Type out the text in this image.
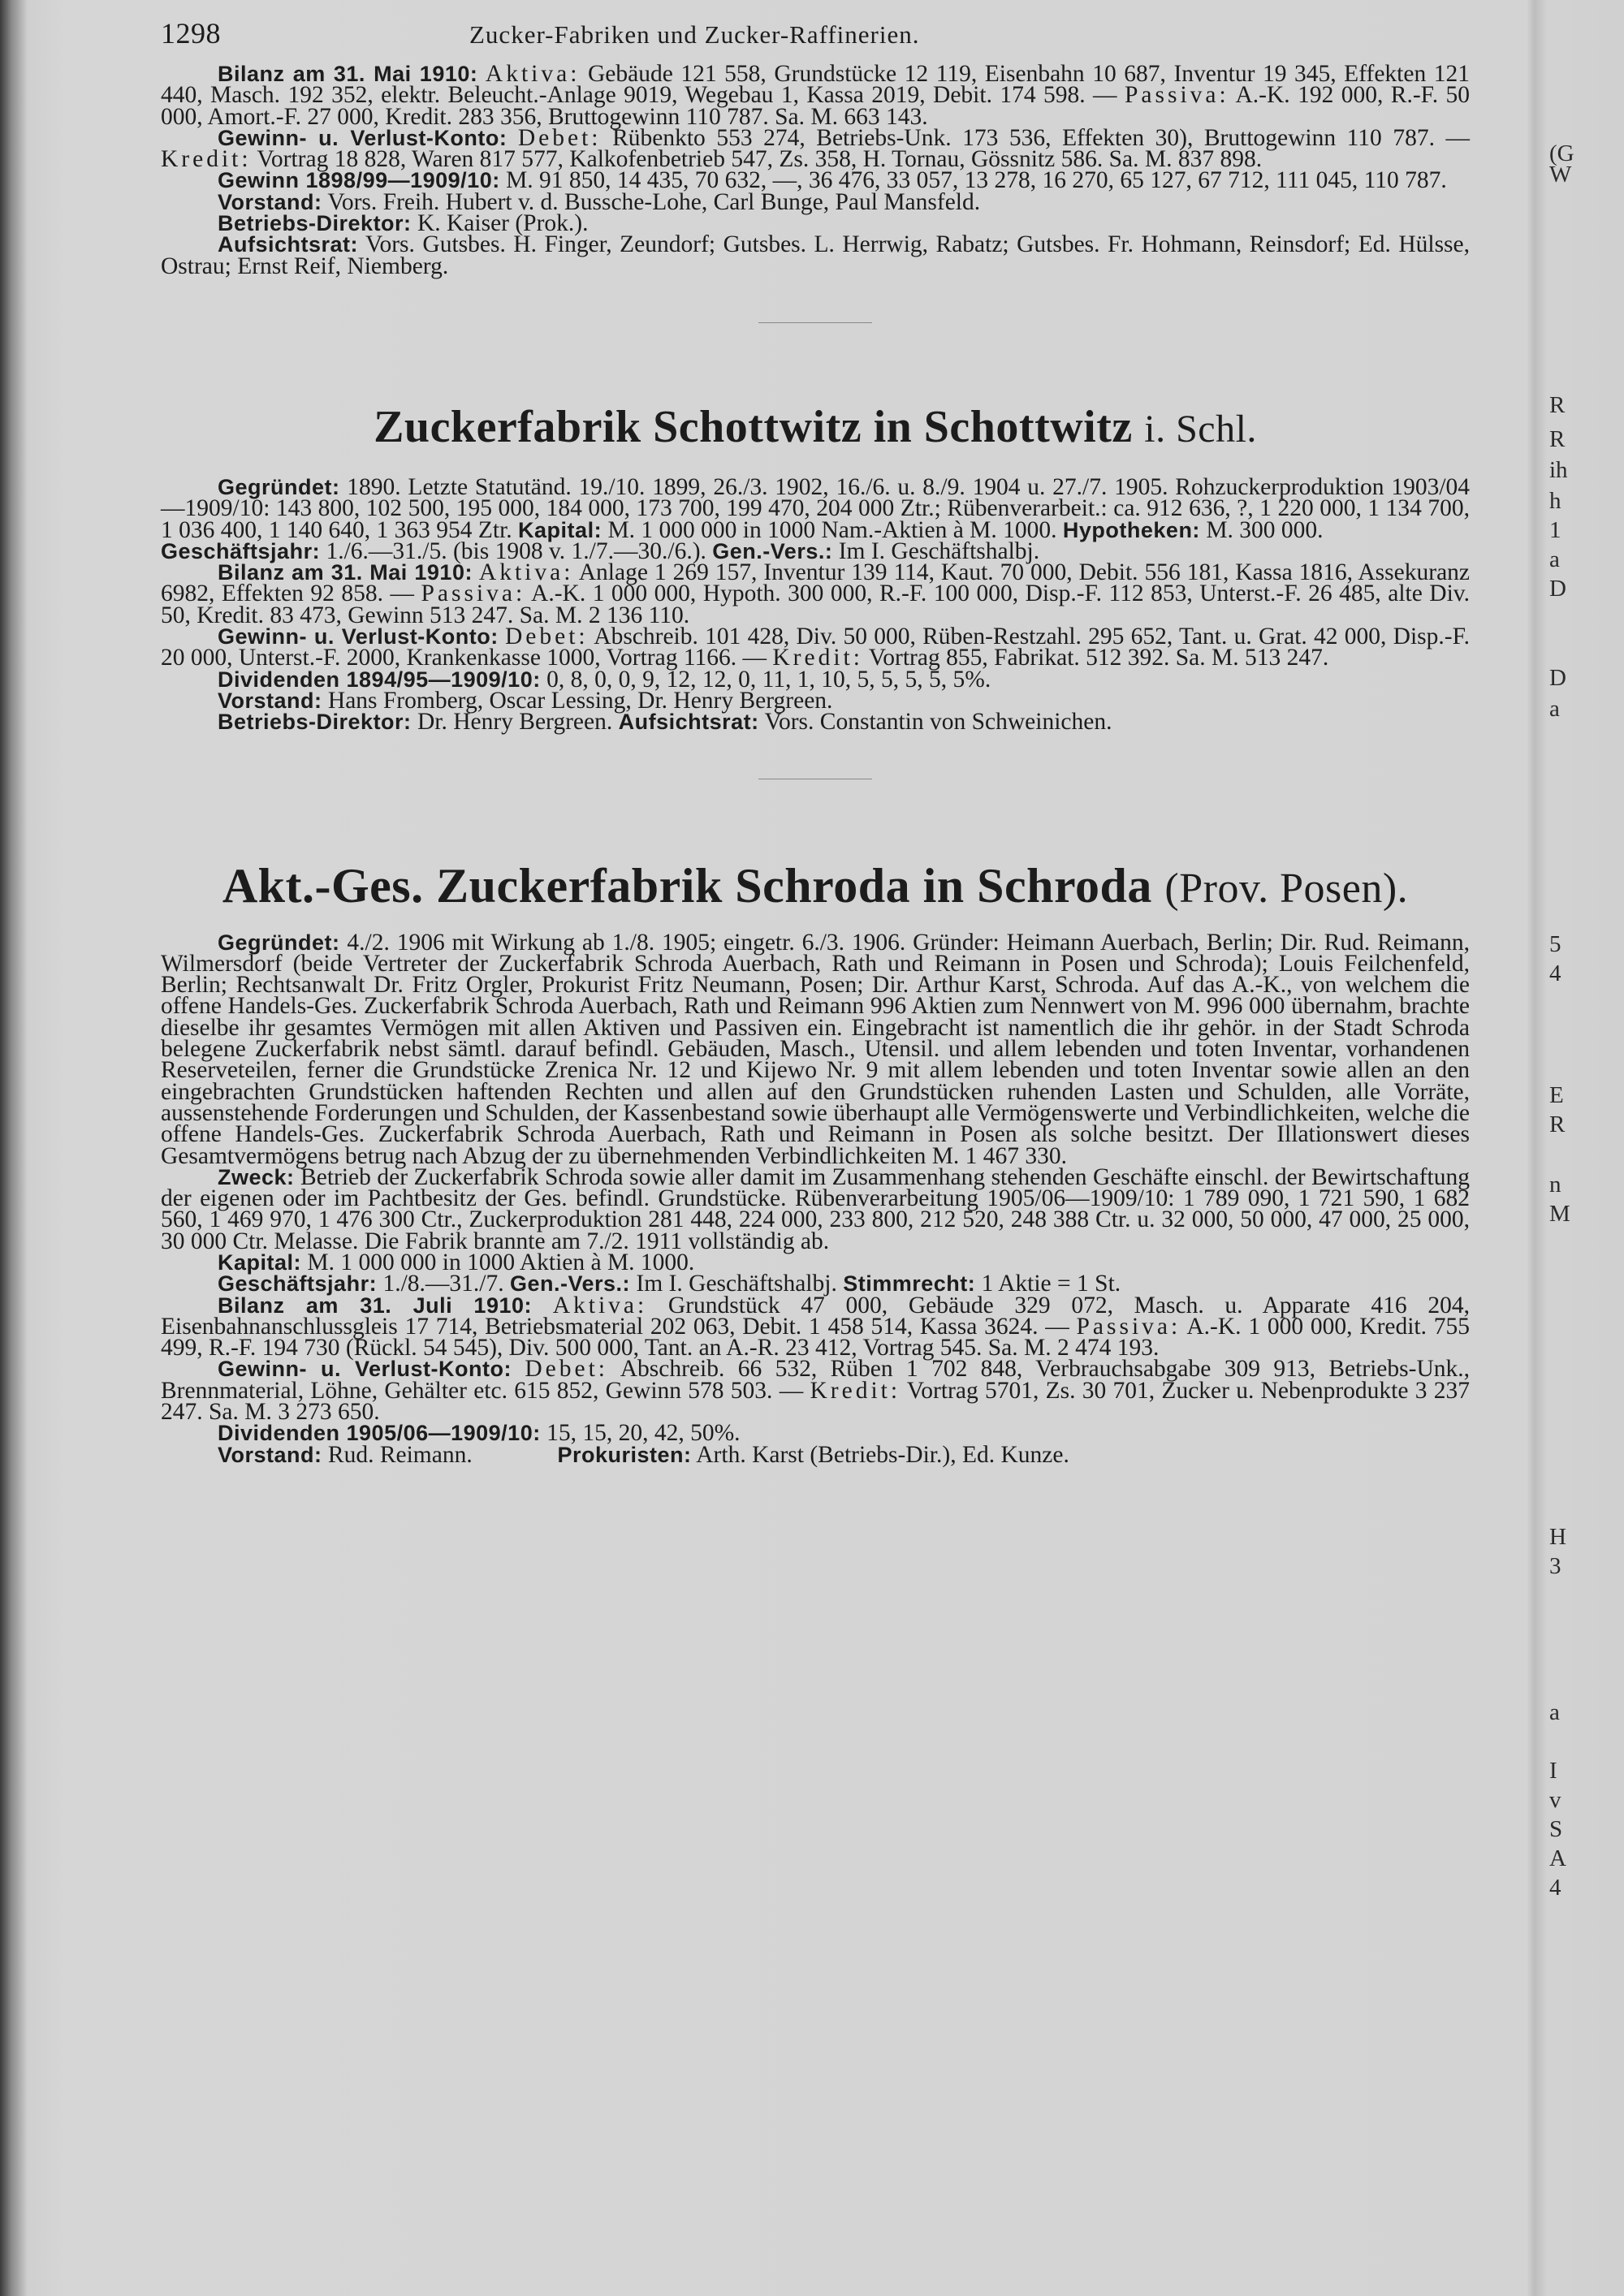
(G
W
R
R
ih
h
1
a
D
D
a
5
4
E
R
n
M
H
3
a
I
v
S
A
4
1298	Zucker-Fabriken und Zucker-Raffinerien.

Bilanz am 31. Mai 1910: Aktiva: Gebäude 121 558, Grundstücke 12 119, Eisenbahn 10 687, Inventur 19 345, Effekten 121 440, Masch. 192 352, elektr. Beleucht.-Anlage 9019, Wegebau 1, Kassa 2019, Debit. 174 598. — Passiva: A.-K. 192 000, R.-F. 50 000, Amort.-F. 27 000, Kredit. 283 356, Bruttogewinn 110 787. Sa. M. 663 143.

Gewinn- u. Verlust-Konto: Debet: Rübenkto 553 274, Betriebs-Unk. 173 536, Effekten 30), Bruttogewinn 110 787. — Kredit: Vortrag 18 828, Waren 817 577, Kalkofenbetrieb 547, Zs. 358, H. Tornau, Gössnitz 586. Sa. M. 837 898.

Gewinn 1898/99—1909/10: M. 91 850, 14 435, 70 632, —, 36 476, 33 057, 13 278, 16 270, 65 127, 67 712, 111 045, 110 787.

Vorstand: Vors. Freih. Hubert v. d. Bussche-Lohe, Carl Bunge, Paul Mansfeld.

Betriebs-Direktor: K. Kaiser (Prok.).

Aufsichtsrat: Vors. Gutsbes. H. Finger, Zeundorf; Gutsbes. L. Herrwig, Rabatz; Gutsbes. Fr. Hohmann, Reinsdorf; Ed. Hülsse, Ostrau; Ernst Reif, Niemberg.

Zuckerfabrik Schottwitz in Schottwitz i. Schl.

Gegründet: 1890. Letzte Statutänd. 19./10. 1899, 26./3. 1902, 16./6. u. 8./9. 1904 u. 27./7. 1905. Rohzuckerproduktion 1903/04—1909/10: 143 800, 102 500, 195 000, 184 000, 173 700, 199 470, 204 000 Ztr.; Rübenverarbeit.: ca. 912 636, ?, 1 220 000, 1 134 700, 1 036 400, 1 140 640, 1 363 954 Ztr. Kapital: M. 1 000 000 in 1000 Nam.-Aktien à M. 1000. Hypotheken: M. 300 000.

Geschäftsjahr: 1./6.—31./5. (bis 1908 v. 1./7.—30./6.). Gen.-Vers.: Im I. Geschäftshalbj.

Bilanz am 31. Mai 1910: Aktiva: Anlage 1 269 157, Inventur 139 114, Kaut. 70 000, Debit. 556 181, Kassa 1816, Assekuranz 6982, Effekten 92 858. — Passiva: A.-K. 1 000 000, Hypoth. 300 000, R.-F. 100 000, Disp.-F. 112 853, Unterst.-F. 26 485, alte Div. 50, Kredit. 83 473, Gewinn 513 247. Sa. M. 2 136 110.

Gewinn- u. Verlust-Konto: Debet: Abschreib. 101 428, Div. 50 000, Rüben-Restzahl. 295 652, Tant. u. Grat. 42 000, Disp.-F. 20 000, Unterst.-F. 2000, Krankenkasse 1000, Vortrag 1166. — Kredit: Vortrag 855, Fabrikat. 512 392. Sa. M. 513 247.

Dividenden 1894/95—1909/10: 0, 8, 0, 0, 9, 12, 12, 0, 11, 1, 10, 5, 5, 5, 5, 5%.

Vorstand: Hans Fromberg, Oscar Lessing, Dr. Henry Bergreen.

Betriebs-Direktor: Dr. Henry Bergreen. Aufsichtsrat: Vors. Constantin von Schweinichen.

Akt.-Ges. Zuckerfabrik Schroda in Schroda (Prov. Posen).

Gegründet: 4./2. 1906 mit Wirkung ab 1./8. 1905; eingetr. 6./3. 1906. Gründer: Heimann Auerbach, Berlin; Dir. Rud. Reimann, Wilmersdorf (beide Vertreter der Zuckerfabrik Schroda Auerbach, Rath und Reimann in Posen und Schroda); Louis Feilchenfeld, Berlin; Rechtsanwalt Dr. Fritz Orgler, Prokurist Fritz Neumann, Posen; Dir. Arthur Karst, Schroda. Auf das A.-K., von welchem die offene Handels-Ges. Zuckerfabrik Schroda Auerbach, Rath und Reimann 996 Aktien zum Nennwert von M. 996 000 übernahm, brachte dieselbe ihr gesamtes Vermögen mit allen Aktiven und Passiven ein. Eingebracht ist namentlich die ihr gehör. in der Stadt Schroda belegene Zuckerfabrik nebst sämtl. darauf befindl. Gebäuden, Masch., Utensil. und allem lebenden und toten Inventar, vorhandenen Reserveteilen, ferner die Grundstücke Zrenica Nr. 12 und Kijewo Nr. 9 mit allem lebenden und toten Inventar sowie allen an den eingebrachten Grundstücken haftenden Rechten und allen auf den Grundstücken ruhenden Lasten und Schulden, alle Vorräte, aussenstehende Forderungen und Schulden, der Kassenbestand sowie überhaupt alle Vermögenswerte und Verbindlichkeiten, welche die offene Handels-Ges. Zuckerfabrik Schroda Auerbach, Rath und Reimann in Posen als solche besitzt. Der Illationswert dieses Gesamtvermögens betrug nach Abzug der zu übernehmenden Verbindlichkeiten M. 1 467 330.

Zweck: Betrieb der Zuckerfabrik Schroda sowie aller damit im Zusammenhang stehenden Geschäfte einschl. der Bewirtschaftung der eigenen oder im Pachtbesitz der Ges. befindl. Grundstücke. Rübenverarbeitung 1905/06—1909/10: 1 789 090, 1 721 590, 1 682 560, 1 469 970, 1 476 300 Ctr., Zuckerproduktion 281 448, 224 000, 233 800, 212 520, 248 388 Ctr. u. 32 000, 50 000, 47 000, 25 000, 30 000 Ctr. Melasse. Die Fabrik brannte am 7./2. 1911 vollständig ab.

Kapital: M. 1 000 000 in 1000 Aktien à M. 1000.

Geschäftsjahr: 1./8.—31./7. Gen.-Vers.: Im I. Geschäftshalbj. Stimmrecht: 1 Aktie = 1 St.

Bilanz am 31. Juli 1910: Aktiva: Grundstück 47 000, Gebäude 329 072, Masch. u. Apparate 416 204, Eisenbahnanschlussgleis 17 714, Betriebsmaterial 202 063, Debit. 1 458 514, Kassa 3624. — Passiva: A.-K. 1 000 000, Kredit. 755 499, R.-F. 194 730 (Rückl. 54 545), Div. 500 000, Tant. an A.-R. 23 412, Vortrag 545. Sa. M. 2 474 193.

Gewinn- u. Verlust-Konto: Debet: Abschreib. 66 532, Rüben 1 702 848, Verbrauchsabgabe 309 913, Betriebs-Unk., Brennmaterial, Löhne, Gehälter etc. 615 852, Gewinn 578 503. — Kredit: Vortrag 5701, Zs. 30 701, Zucker u. Nebenprodukte 3 237 247. Sa. M. 3 273 650.

Dividenden 1905/06—1909/10: 15, 15, 20, 42, 50%.

Vorstand: Rud. Reimann.	Prokuristen: Arth. Karst (Betriebs-Dir.), Ed. Kunze.
